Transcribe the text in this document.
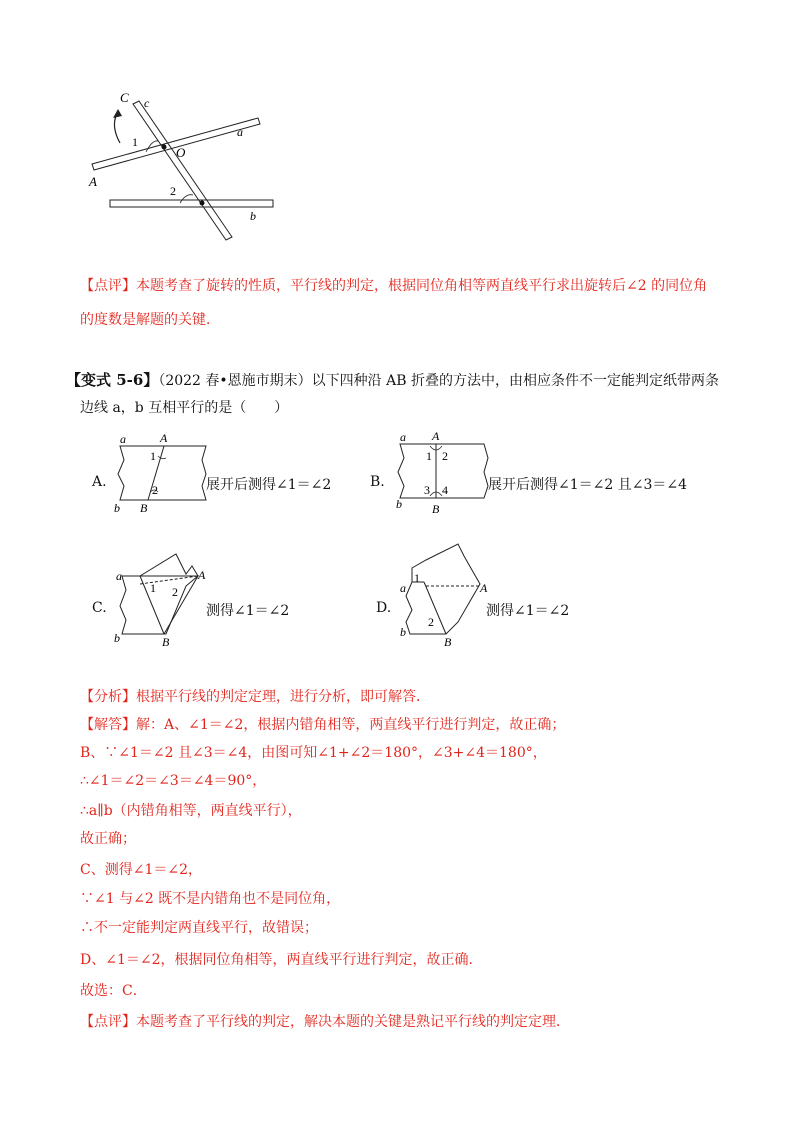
C c
1
O
a
A
2
b
【点评】本题考查了旋转的性质，平行线的判定，根据同位角相等两直线平行求出旋转后∠2 的同位角
的度数是解题的关键．
【变式 5-6】（2022 春•恩施市期末）以下四种沿 AB 折叠的方法中，由相应条件不一定能判定纸带两条
边线 a，b 互相平行的是（　　）
A.
a	A
1
2
b B
展开后测得∠1＝∠2	B.
a A
1 2
3 4
b	B
展开后测得∠1＝∠2 且∠3＝∠4
C.
a	A
1 2
b	B
测得∠1＝∠2	D.
a	A
1
2
b
B
测得∠1＝∠2
【分析】根据平行线的判定定理，进行分析，即可解答．
【解答】解：A、∠1＝∠2，根据内错角相等，两直线平行进行判定，故正确；
B、∵∠1＝∠2 且∠3＝∠4，由图可知∠1+∠2＝180°，∠3+∠4＝180°，
∴∠1＝∠2＝∠3＝∠4＝90°，
∴a∥b（内错角相等，两直线平行），
故正确；
C、测得∠1＝∠2，
∵∠1 与∠2 既不是内错角也不是同位角，
∴不一定能判定两直线平行，故错误；
D、∠1＝∠2，根据同位角相等，两直线平行进行判定，故正确．
故选：C．
【点评】本题考查了平行线的判定，解决本题的关键是熟记平行线的判定定理．
